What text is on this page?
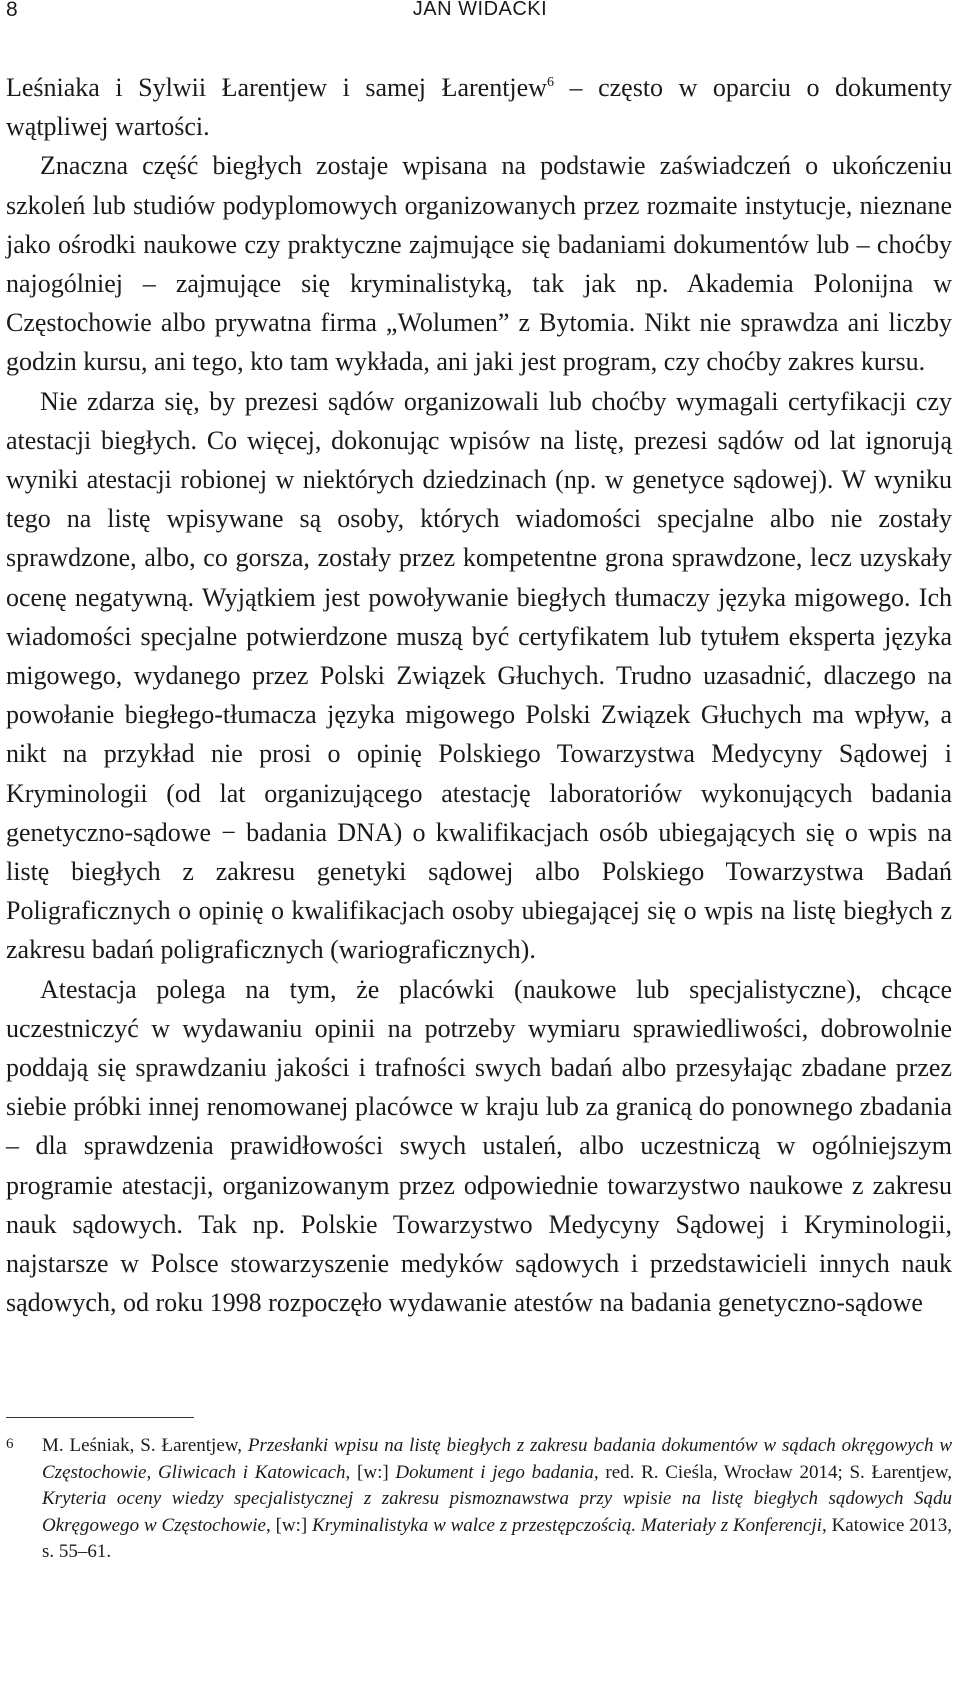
8	JAN WIDACKI

Leśniaka i Sylwii Łarentjew i samej Łarentjew$^6$ – często w oparciu o dokumenty wątpliwej wartości.

Znaczna część biegłych zostaje wpisana na podstawie zaświadczeń o ukończeniu szkoleń lub studiów podyplomowych organizowanych przez rozmaite instytucje, nieznane jako ośrodki naukowe czy praktyczne zajmujące się badaniami dokumentów lub – choćby najogólniej – zajmujące się kryminalistyką, tak jak np. Akademia Polonijna w Częstochowie albo prywatna firma „Wolumen” z Bytomia. Nikt nie sprawdza ani liczby godzin kursu, ani tego, kto tam wykłada, ani jaki jest program, czy choćby zakres kursu.

Nie zdarza się, by prezesi sądów organizowali lub choćby wymagali certyfikacji czy atestacji biegłych. Co więcej, dokonując wpisów na listę, prezesi sądów od lat ignorują wyniki atestacji robionej w niektórych dziedzinach (np. w genetyce sądowej). W wyniku tego na listę wpisywane są osoby, których wiadomości specjalne albo nie zostały sprawdzone, albo, co gorsza, zostały przez kompetentne grona sprawdzone, lecz uzyskały ocenę negatywną. Wyjątkiem jest powoływanie biegłych tłumaczy języka migowego. Ich wiadomości specjalne potwierdzone muszą być certyfikatem lub tytułem eksperta języka migowego, wydanego przez Polski Związek Głuchych. Trudno uzasadnić, dlaczego na powołanie biegłego-tłumacza języka migowego Polski Związek Głuchych ma wpływ, a nikt na przykład nie prosi o opinię Polskiego Towarzystwa Medycyny Sądowej i Kryminologii (od lat organizującego atestację laboratoriów wykonujących badania genetyczno-sądowe − badania DNA) o kwalifikacjach osób ubiegających się o wpis na listę biegłych z zakresu genetyki sądowej albo Polskiego Towarzystwa Badań Poligraficznych o opinię o kwalifikacjach osoby ubiegającej się o wpis na listę biegłych z zakresu badań poligraficznych (wariograficznych).

Atestacja polega na tym, że placówki (naukowe lub specjalistyczne), chcące uczestniczyć w wydawaniu opinii na potrzeby wymiaru sprawiedliwości, dobrowolnie poddają się sprawdzaniu jakości i trafności swych badań albo przesyłając zbadane przez siebie próbki innej renomowanej placówce w kraju lub za granicą do ponownego zbadania – dla sprawdzenia prawidłowości swych ustaleń, albo uczestniczą w ogólniejszym programie atestacji, organizowanym przez odpowiednie towarzystwo naukowe z zakresu nauk sądowych. Tak np. Polskie Towarzystwo Medycyny Sądowej i Kryminologii, najstarsze w Polsce stowarzyszenie medyków sądowych i przedstawicieli innych nauk sądowych, od roku 1998 rozpoczęło wydawanie atestów na badania genetyczno-sądowe

6 M. Leśniak, S. Łarentjew, Przesłanki wpisu na listę biegłych z zakresu badania dokumentów w sądach okręgowych w Częstochowie, Gliwicach i Katowicach, [w:] Dokument i jego badania, red. R. Cieśla, Wrocław 2014; S. Łarentjew, Kryteria oceny wiedzy specjalistycznej z zakresu pismoznawstwa przy wpisie na listę biegłych sądowych Sądu Okręgowego w Częstochowie, [w:] Kryminalistyka w walce z przestępczością. Materiały z Konferencji, Katowice 2013, s. 55–61.
